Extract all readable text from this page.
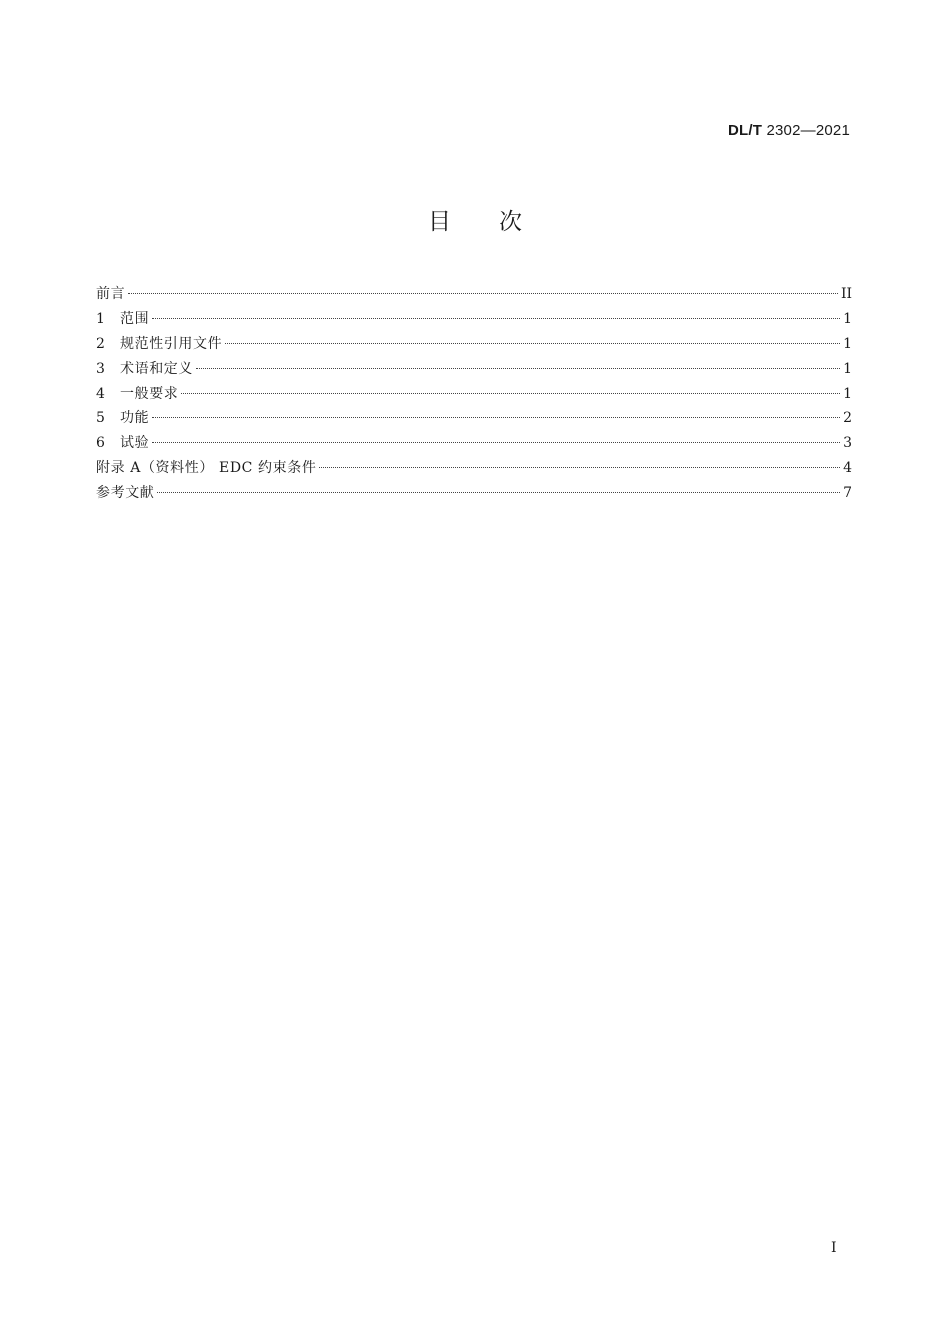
DL/T 2302—2021
目次
前言	II
1	范围	1
2	规范性引用文件	1
3	术语和定义	1
4	一般要求	1
5	功能	2
6	试验	3
附录 A（资料性） EDC 约束条件	4
参考文献	7
I
